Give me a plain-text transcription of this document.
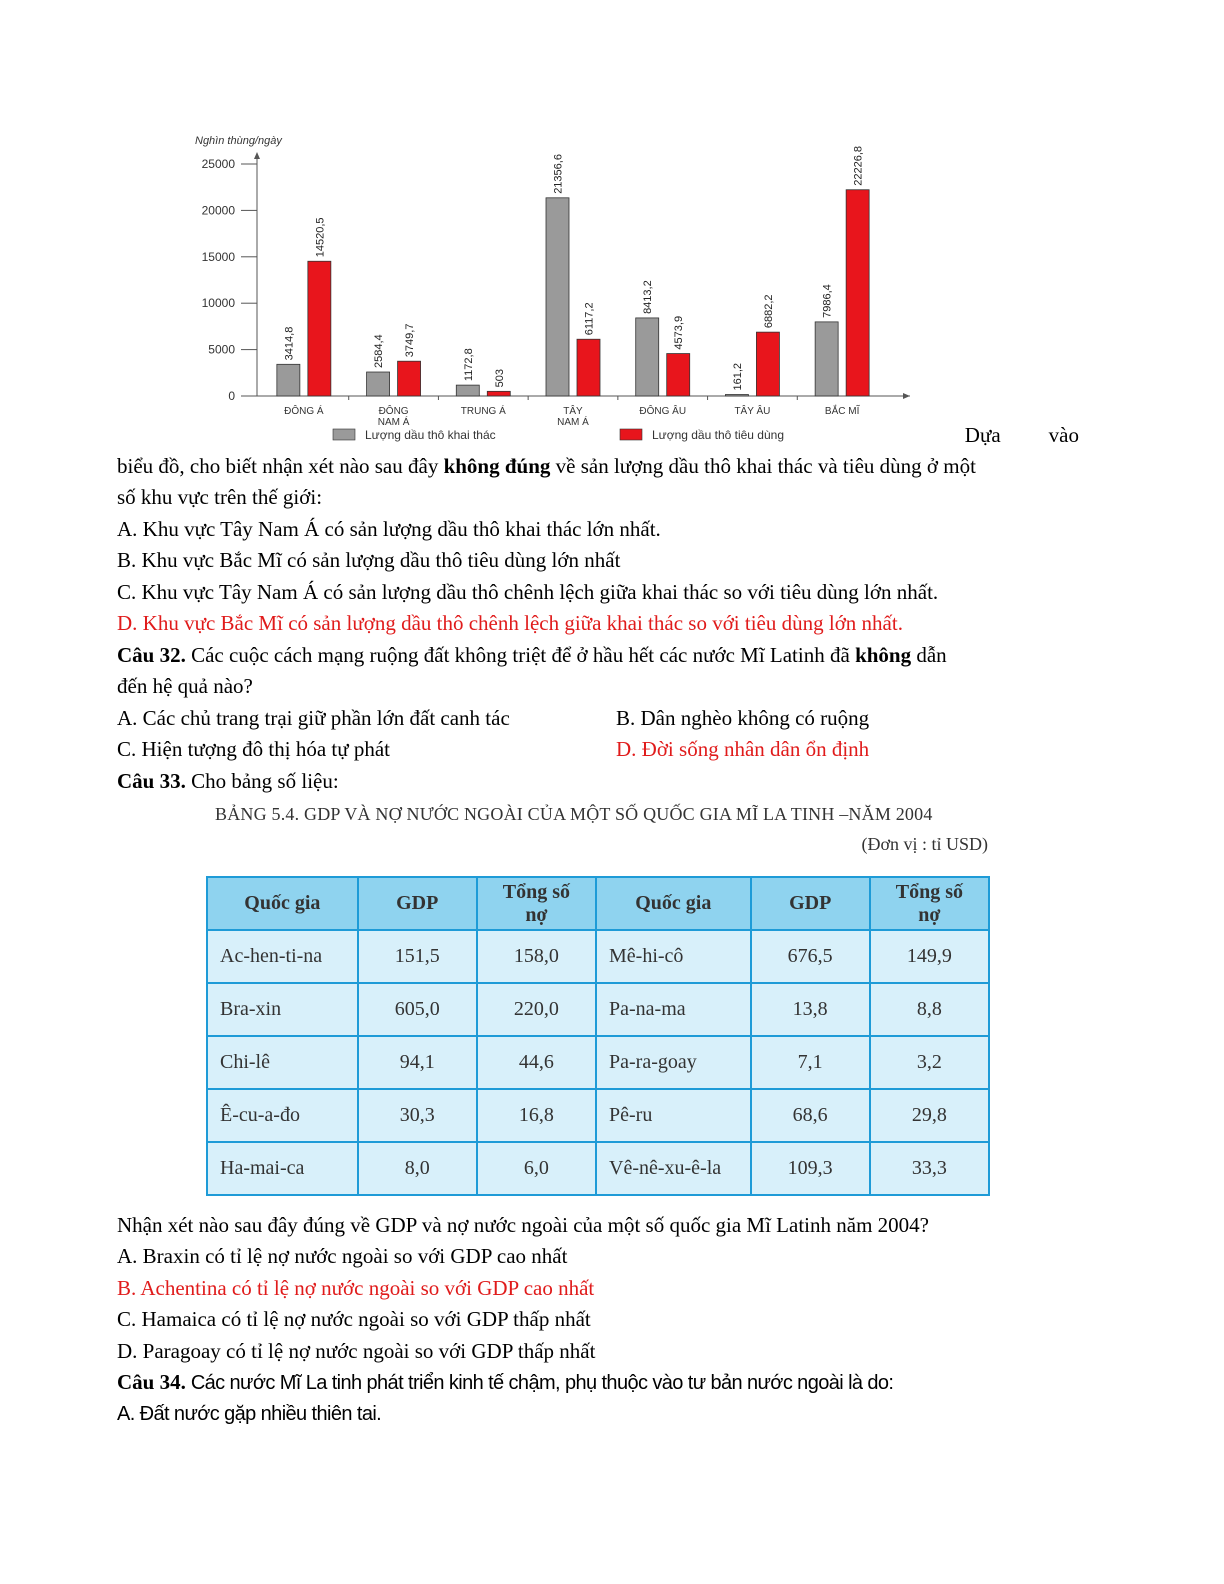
Nghìn thùng/ngày
25000
20000
15000
10000
5000
0
3414,8
14520,5
ĐÔNG Á
2584,4 3749,7
ĐÔNG
NAM Á
1172,8 503
TRUNG Á
21356,6
6117,2
TÂY
NAM Á
8413,2
4573,9
ĐÔNG ÂU
161,2
6882,2
TÂY ÂU
7986,4
22226,8
BẮC MĨ
Lượng dầu thô khai thác	Lượng dầu thô tiêu dùng	Dựa vào
biểu đồ, cho biết nhận xét nào sau đây không đúng về sản lượng dầu thô khai thác và tiêu dùng ở một
số khu vực trên thế giới:
A. Khu vực Tây Nam Á có sản lượng dầu thô khai thác lớn nhất.
B. Khu vực Bắc Mĩ có sản lượng dầu thô tiêu dùng lớn nhất
C. Khu vực Tây Nam Á có sản lượng dầu thô chênh lệch giữa khai thác so với tiêu dùng lớn nhất.
D. Khu vực Bắc Mĩ có sản lượng dầu thô chênh lệch giữa khai thác so với tiêu dùng lớn nhất.
Câu 32. Các cuộc cách mạng ruộng đất không triệt để ở hầu hết các nước Mĩ Latinh đã không dẫn
đến hệ quả nào?
A. Các chủ trang trại giữ phần lớn đất canh tác	B. Dân nghèo không có ruộng
C. Hiện tượng đô thị hóa tự phát	D. Đời sống nhân dân ổn định
Câu 33. Cho bảng số liệu:
BẢNG 5.4. GDP VÀ NỢ NƯỚC NGOÀI CỦA MỘT SỐ QUỐC GIA MĨ LA TINH –NĂM 2004
(Đơn vị : tỉ USD)
Quốc gia	GDP	Tổng số nợ	Quốc gia	GDP	Tổng số nợ
Ac-hen-ti-na	151,5	158,0	Mê-hi-cô	676,5	149,9
Bra-xin	605,0	220,0	Pa-na-ma	13,8	8,8
Chi-lê	94,1	44,6	Pa-ra-goay	7,1	3,2
Ê-cu-a-đo	30,3	16,8	Pê-ru	68,6	29,8
Ha-mai-ca	8,0	6,0	Vê-nê-xu-ê-la	109,3	33,3
Nhận xét nào sau đây đúng về GDP và nợ nước ngoài của một số quốc gia Mĩ Latinh năm 2004?
A. Braxin có tỉ lệ nợ nước ngoài so với GDP cao nhất
B. Achentina có tỉ lệ nợ nước ngoài so với GDP cao nhất
C. Hamaica có tỉ lệ nợ nước ngoài so với GDP thấp nhất
D. Paragoay có tỉ lệ nợ nước ngoài so với GDP thấp nhất
Câu 34. Các nước Mĩ La tinh phát triển kinh tế chậm, phụ thuộc vào tư bản nước ngoài là do:
A. Đất nước gặp nhiều thiên tai.
